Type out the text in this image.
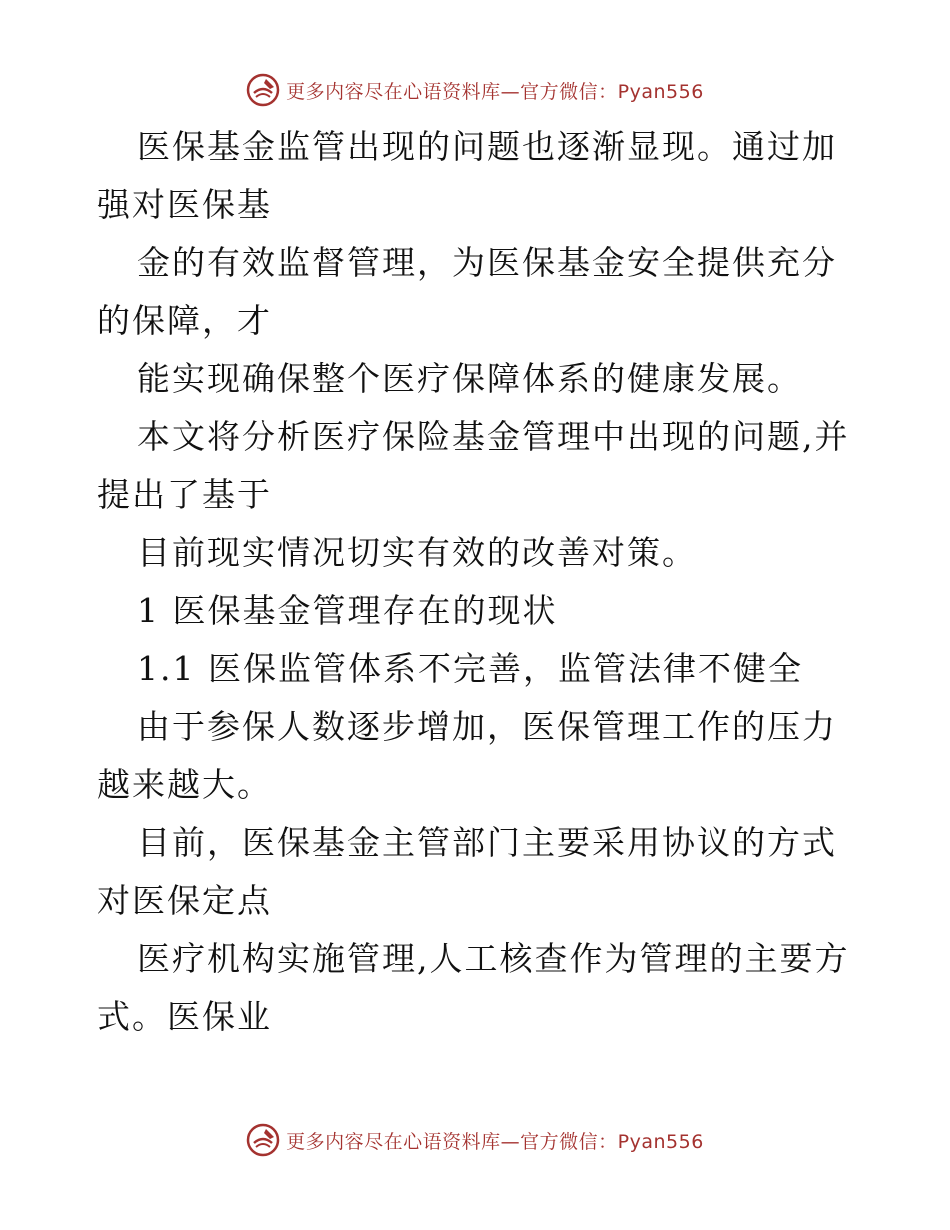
更多内容尽在心语资料库—官方微信：Pyan556

医保基金监管出现的问题也逐渐显现。通过加强对医保基

金的有效监督管理，为医保基金安全提供充分的保障，才

能实现确保整个医疗保障体系的健康发展。

本文将分析医疗保险基金管理中出现的问题,并提出了基于

目前现实情况切实有效的改善对策。

1 医保基金管理存在的现状

1.1 医保监管体系不完善，监管法律不健全

由于参保人数逐步增加，医保管理工作的压力越来越大。

目前，医保基金主管部门主要采用协议的方式对医保定点

医疗机构实施管理,人工核查作为管理的主要方式。医保业

更多内容尽在心语资料库—官方微信：Pyan556
